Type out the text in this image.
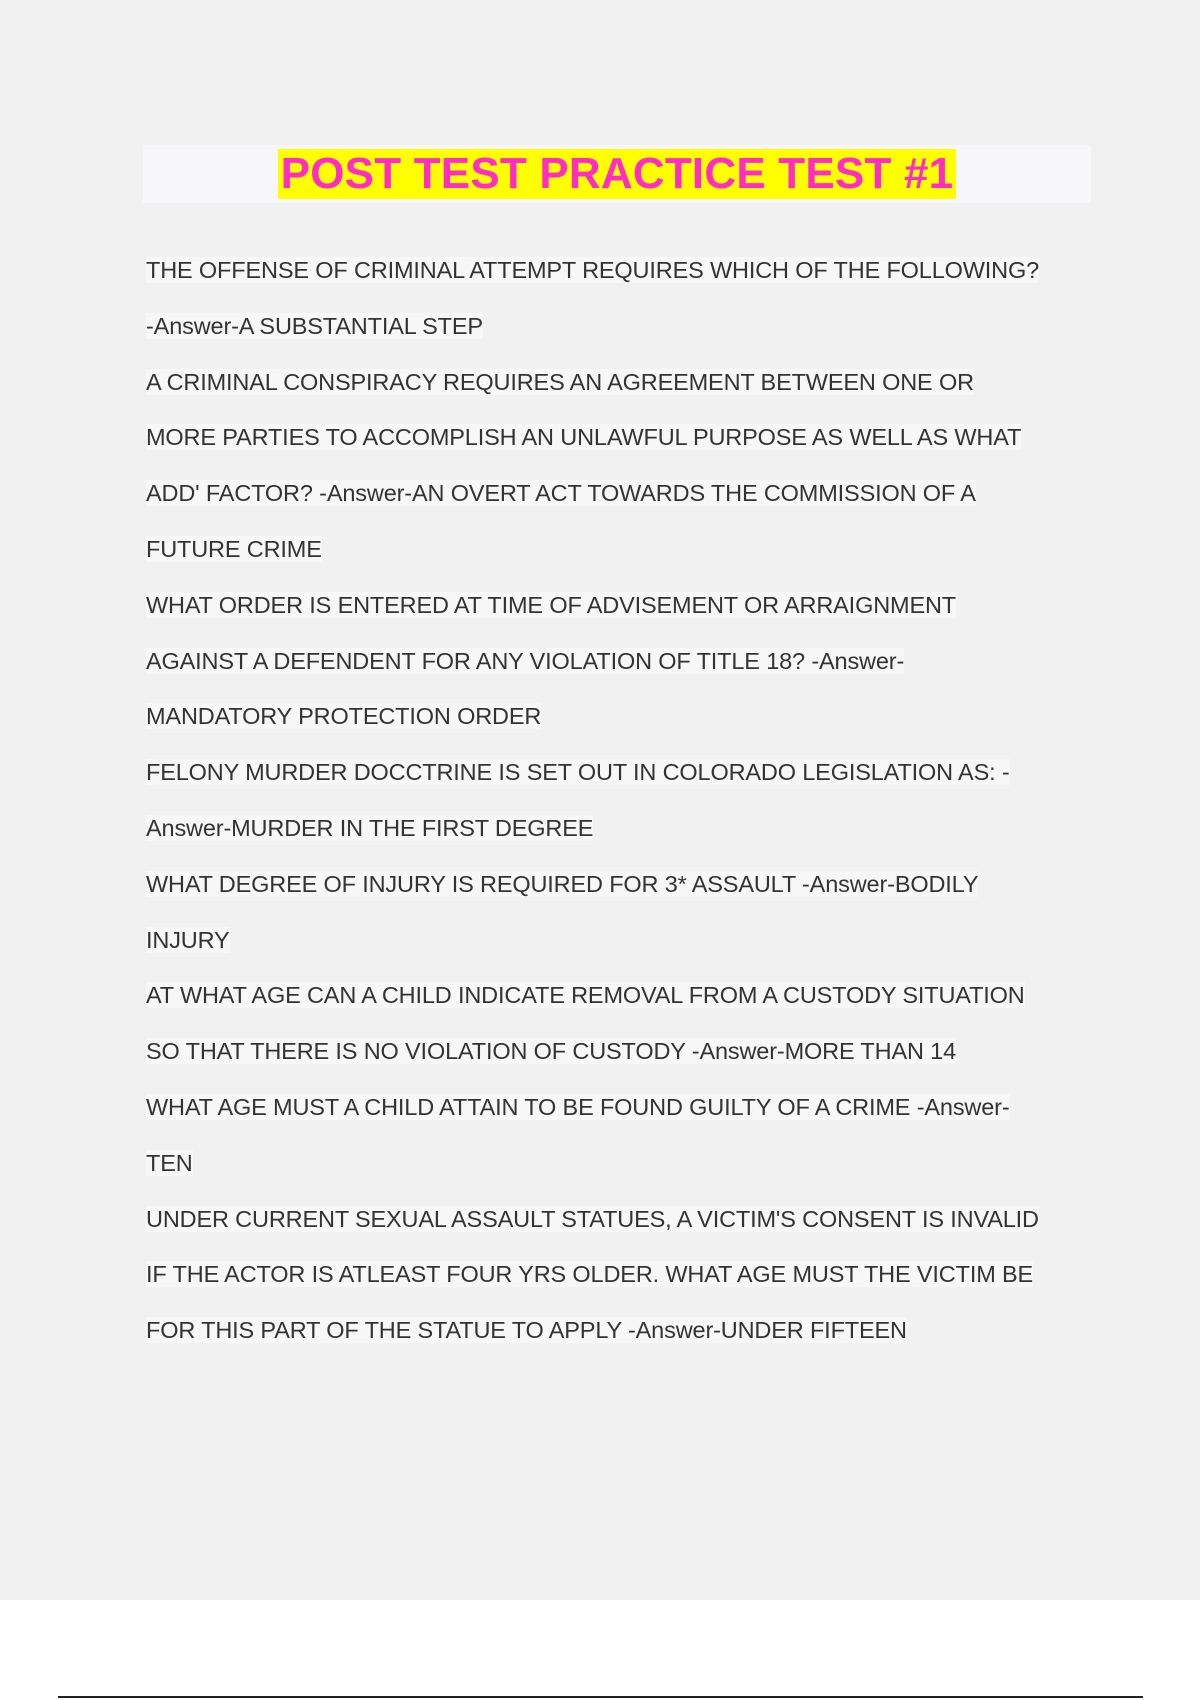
POST TEST PRACTICE TEST #1
THE OFFENSE OF CRIMINAL ATTEMPT REQUIRES WHICH OF THE FOLLOWING?
-Answer-A SUBSTANTIAL STEP
A CRIMINAL CONSPIRACY REQUIRES AN AGREEMENT BETWEEN ONE OR
MORE PARTIES TO ACCOMPLISH AN UNLAWFUL PURPOSE AS WELL AS WHAT
ADD' FACTOR? -Answer-AN OVERT ACT TOWARDS THE COMMISSION OF A
FUTURE CRIME
WHAT ORDER IS ENTERED AT TIME OF ADVISEMENT OR ARRAIGNMENT
AGAINST A DEFENDENT FOR ANY VIOLATION OF TITLE 18? -Answer-
MANDATORY PROTECTION ORDER
FELONY MURDER DOCCTRINE IS SET OUT IN COLORADO LEGISLATION AS: -
Answer-MURDER IN THE FIRST DEGREE
WHAT DEGREE OF INJURY IS REQUIRED FOR 3* ASSAULT -Answer-BODILY
INJURY
AT WHAT AGE CAN A CHILD INDICATE REMOVAL FROM A CUSTODY SITUATION
SO THAT THERE IS NO VIOLATION OF CUSTODY -Answer-MORE THAN 14
WHAT AGE MUST A CHILD ATTAIN TO BE FOUND GUILTY OF A CRIME -Answer-
TEN
UNDER CURRENT SEXUAL ASSAULT STATUES, A VICTIM'S CONSENT IS INVALID
IF THE ACTOR IS ATLEAST FOUR YRS OLDER. WHAT AGE MUST THE VICTIM BE
FOR THIS PART OF THE STATUE TO APPLY -Answer-UNDER FIFTEEN
